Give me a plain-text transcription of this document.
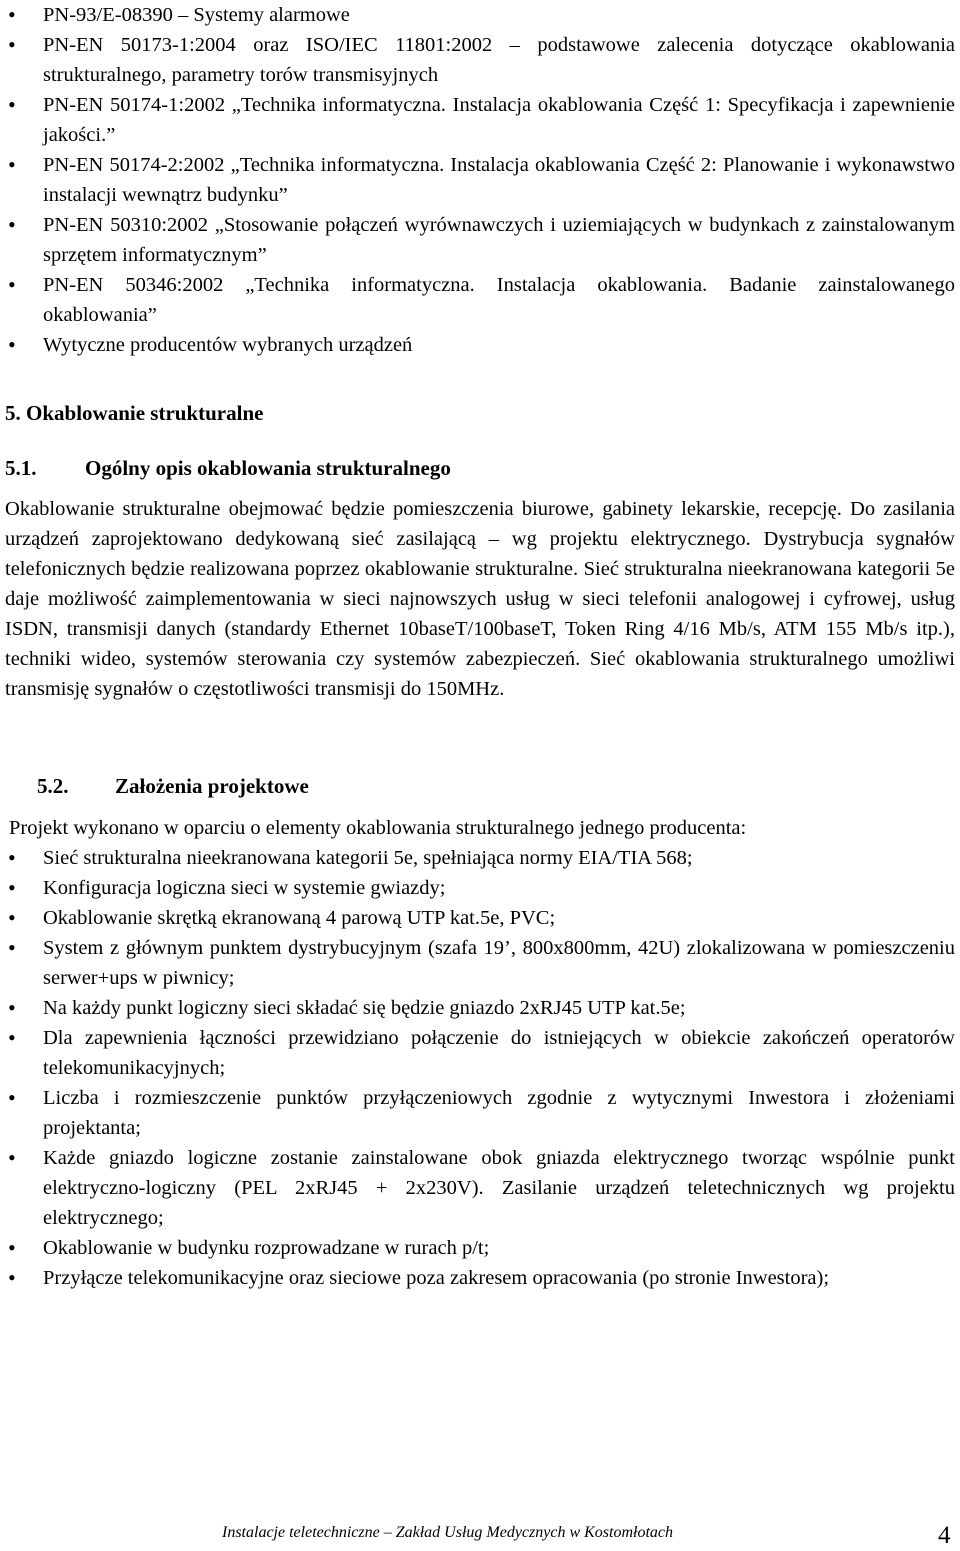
• PN-93/E-08390 – Systemy alarmowe
• PN-EN 50173-1:2004 oraz ISO/IEC 11801:2002 – podstawowe zalecenia dotyczące okablowania strukturalnego, parametry torów transmisyjnych
• PN-EN 50174-1:2002 „Technika informatyczna. Instalacja okablowania Część 1: Specyfikacja i zapewnienie jakości.”
• PN-EN 50174-2:2002 „Technika informatyczna. Instalacja okablowania Część 2: Planowanie i wykonawstwo instalacji wewnątrz budynku”
• PN-EN 50310:2002 „Stosowanie połączeń wyrównawczych i uziemiających w budynkach z zainstalowanym sprzętem informatycznym”
• PN-EN 50346:2002 „Technika informatyczna. Instalacja okablowania. Badanie zainstalowanego okablowania”
• Wytyczne producentów wybranych urządzeń
5. Okablowanie strukturalne
5.1. Ogólny opis okablowania strukturalnego

Okablowanie strukturalne obejmować będzie pomieszczenia biurowe, gabinety lekarskie, recepcję. Do zasilania urządzeń zaprojektowano dedykowaną sieć zasilającą – wg projektu elektrycznego. Dystrybucja sygnałów telefonicznych będzie realizowana poprzez okablowanie strukturalne. Sieć strukturalna nieekranowana kategorii 5e daje możliwość zaimplementowania w sieci najnowszych usług w sieci telefonii analogowej i cyfrowej, usług ISDN, transmisji danych (standardy Ethernet 10baseT/100baseT, Token Ring 4/16 Mb/s, ATM 155 Mb/s itp.), techniki wideo, systemów sterowania czy systemów zabezpieczeń. Sieć okablowania strukturalnego umożliwi transmisję sygnałów o częstotliwości transmisji do 150MHz.

5.2. Założenia projektowe

Projekt wykonano w oparciu o elementy okablowania strukturalnego jednego producenta:

• Sieć strukturalna nieekranowana kategorii 5e, spełniająca normy EIA/TIA 568;
• Konfiguracja logiczna sieci w systemie gwiazdy;
• Okablowanie skrętką ekranowaną 4 parową UTP kat.5e, PVC;
• System z głównym punktem dystrybucyjnym (szafa 19’, 800x800mm, 42U) zlokalizowana w pomieszczeniu serwer+ups w piwnicy;
• Na każdy punkt logiczny sieci składać się będzie gniazdo 2xRJ45 UTP kat.5e;
• Dla zapewnienia łączności przewidziano połączenie do istniejących w obiekcie zakończeń operatorów telekomunikacyjnych;
• Liczba i rozmieszczenie punktów przyłączeniowych zgodnie z wytycznymi Inwestora i złożeniami projektanta;
• Każde gniazdo logiczne zostanie zainstalowane obok gniazda elektrycznego tworząc wspólnie punkt elektryczno-logiczny (PEL 2xRJ45 + 2x230V). Zasilanie urządzeń teletechnicznych wg projektu elektrycznego;
• Okablowanie w budynku rozprowadzane w rurach p/t;
• Przyłącze telekomunikacyjne oraz sieciowe poza zakresem opracowania (po stronie Inwestora);
Instalacje teletechniczne – Zakład Usług Medycznych w Kostomłotach	4
